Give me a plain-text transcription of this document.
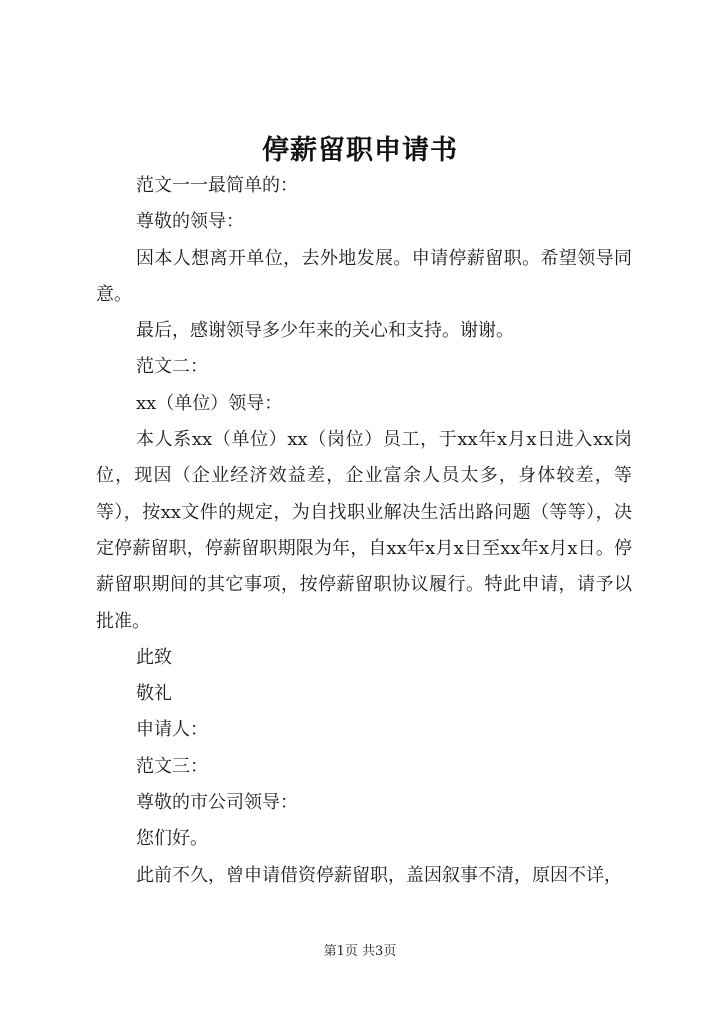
停薪留职申请书

范文一一最简单的：

尊敬的领导：

因本人想离开单位，去外地发展。申请停薪留职。希望领导同意。

最后，感谢领导多少年来的关心和支持。谢谢。

范文二：

xx（单位）领导：

本人系xx（单位）xx（岗位）员工，于xx年x月x日进入xx岗位，现因（企业经济效益差，企业富余人员太多，身体较差，等等），按xx文件的规定，为自找职业解决生活出路问题（等等），决定停薪留职，停薪留职期限为年，自xx年x月x日至xx年x月x日。停薪留职期间的其它事项，按停薪留职协议履行。特此申请，请予以批准。

此致

敬礼

申请人：

范文三：

尊敬的市公司领导：

您们好。

此前不久，曾申请借资停薪留职，盖因叙事不清，原因不详，

第1页 共3页
